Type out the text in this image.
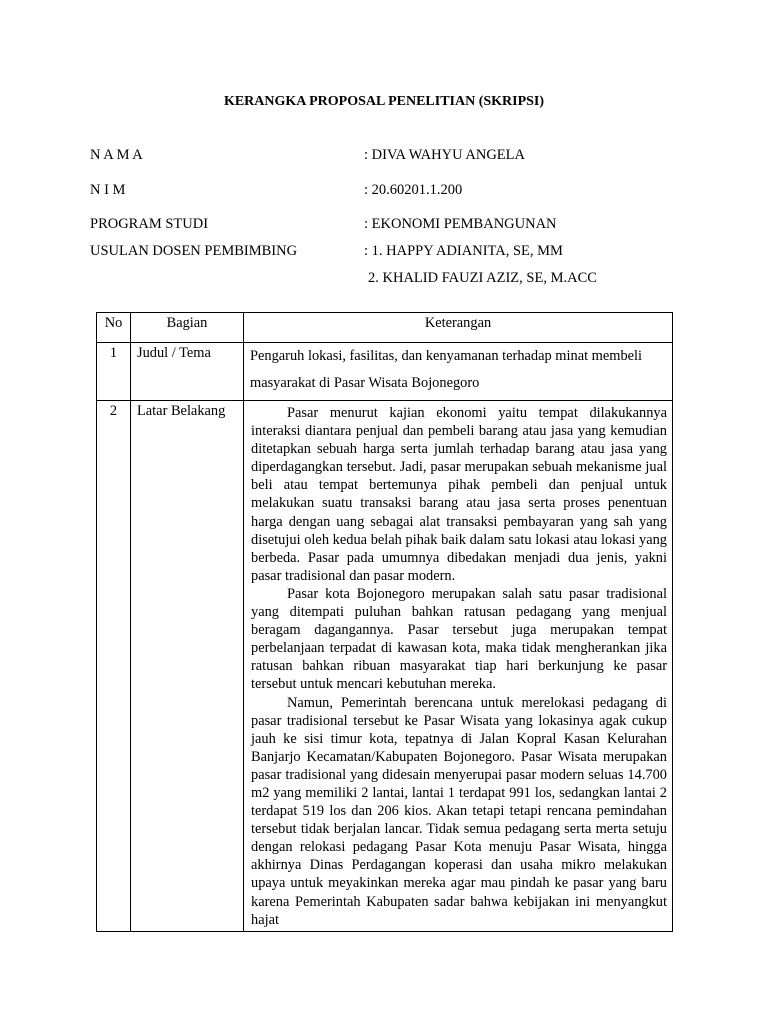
KERANGKA PROPOSAL PENELITIAN (SKRIPSI)
N A M A	: DIVA WAHYU ANGELA
N I M	: 20.60201.1.200
PROGRAM STUDI	: EKONOMI PEMBANGUNAN
USULAN DOSEN PEMBIMBING	: 1. HAPPY ADIANITA, SE, MM
2. KHALID FAUZI AZIZ, SE, M.ACC
No	Bagian	Keterangan
1	Judul / Tema	Pengaruh lokasi, fasilitas, dan kenyamanan terhadap minat membeli masyarakat di Pasar Wisata Bojonegoro
2	Latar Belakang	Pasar menurut kajian ekonomi yaitu tempat dilakukannya interaksi diantara penjual dan pembeli barang atau jasa yang kemudian ditetapkan sebuah harga serta jumlah terhadap barang atau jasa yang diperdagangkan tersebut. Jadi, pasar merupakan sebuah mekanisme jual beli atau tempat bertemunya pihak pembeli dan penjual untuk melakukan suatu transaksi barang atau jasa serta proses penentuan harga dengan uang sebagai alat transaksi pembayaran yang sah yang disetujui oleh kedua belah pihak baik dalam satu lokasi atau lokasi yang berbeda. Pasar pada umumnya dibedakan menjadi dua jenis, yakni pasar tradisional dan pasar modern.

Pasar kota Bojonegoro merupakan salah satu pasar tradisional yang ditempati puluhan bahkan ratusan pedagang yang menjual beragam dagangannya. Pasar tersebut juga merupakan tempat perbelanjaan terpadat di kawasan kota, maka tidak mengherankan jika ratusan bahkan ribuan masyarakat tiap hari berkunjung ke pasar tersebut untuk mencari kebutuhan mereka.

Namun, Pemerintah berencana untuk merelokasi pedagang di pasar tradisional tersebut ke Pasar Wisata yang lokasinya agak cukup jauh ke sisi timur kota, tepatnya di Jalan Kopral Kasan Kelurahan Banjarjo Kecamatan/Kabupaten Bojonegoro. Pasar Wisata merupakan pasar tradisional yang didesain menyerupai pasar modern seluas 14.700 m2 yang memiliki 2 lantai, lantai 1 terdapat 991 los, sedangkan lantai 2 terdapat 519 los dan 206 kios. Akan tetapi tetapi rencana pemindahan tersebut tidak berjalan lancar. Tidak semua pedagang serta merta setuju dengan relokasi pedagang Pasar Kota menuju Pasar Wisata, hingga akhirnya Dinas Perdagangan koperasi dan usaha mikro melakukan upaya untuk meyakinkan mereka agar mau pindah ke pasar yang baru karena Pemerintah Kabupaten sadar bahwa kebijakan ini menyangkut hajat
